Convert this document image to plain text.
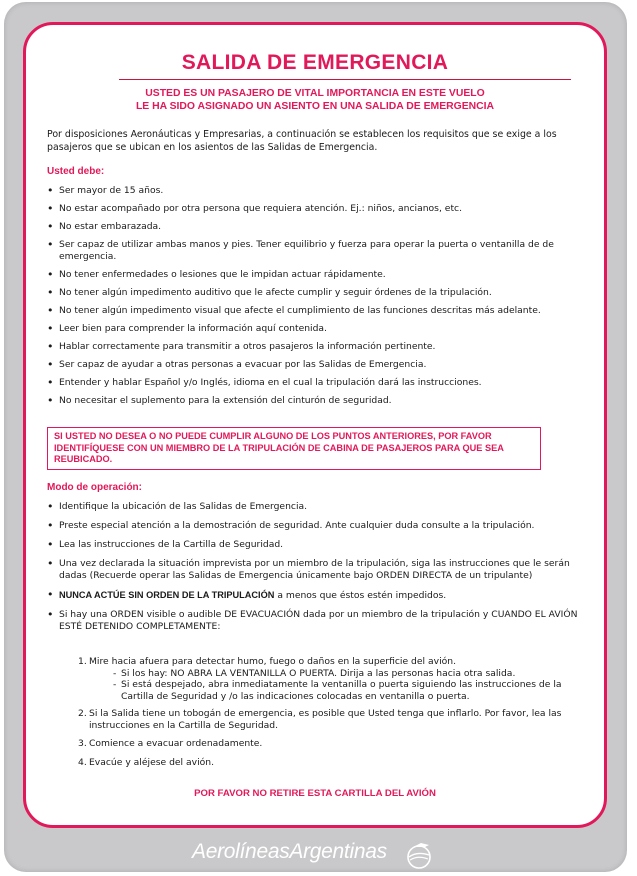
SALIDA DE EMERGENCIA
USTED ES UN PASAJERO DE VITAL IMPORTANCIA EN ESTE VUELO
LE HA SIDO ASIGNADO UN ASIENTO EN UNA SALIDA DE EMERGENCIA
Por disposiciones Aeronáuticas y Empresarias, a continuación se establecen los requisitos que se exige a los pasajeros que se ubican en los asientos de las Salidas de Emergencia.
Usted debe:
• Ser mayor de 15 años.
• No estar acompañado por otra persona que requiera atención. Ej.: niños, ancianos, etc.
• No estar embarazada.
• Ser capaz de utilizar ambas manos y pies. Tener equilibrio y fuerza para operar la puerta o ventanilla de de emergencia.
• No tener enfermedades o lesiones que le impidan actuar rápidamente.
• No tener algún impedimento auditivo que le afecte cumplir y seguir órdenes de la tripulación.
• No tener algún impedimento visual que afecte el cumplimiento de las funciones descritas más adelante.
• Leer bien para comprender la información aquí contenida.
• Hablar correctamente para transmitir a otros pasajeros la información pertinente.
• Ser capaz de ayudar a otras personas a evacuar por las Salidas de Emergencia.
• Entender y hablar Español y/o Inglés, idioma en el cual la tripulación dará las instrucciones.
• No necesitar el suplemento para la extensión del cinturón de seguridad.
SI USTED NO DESEA O NO PUEDE CUMPLIR ALGUNO DE LOS PUNTOS ANTERIORES, POR FAVOR IDENTIFÍQUESE CON UN MIEMBRO DE LA TRIPULACIÓN DE CABINA DE PASAJEROS PARA QUE SEA REUBICADO.
Modo de operación:
• Identifique la ubicación de las Salidas de Emergencia.
• Preste especial atención a la demostración de seguridad. Ante cualquier duda consulte a la tripulación.
• Lea las instrucciones de la Cartilla de Seguridad.
• Una vez declarada la situación imprevista por un miembro de la tripulación, siga las instrucciones que le serán dadas (Recuerde operar las Salidas de Emergencia únicamente bajo ORDEN DIRECTA de un tripulante)
• NUNCA ACTÚE SIN ORDEN DE LA TRIPULACIÓN a menos que éstos estén impedidos.
• Si hay una ORDEN visible o audible DE EVACUACIÓN dada por un miembro de la tripulación y CUANDO EL AVIÓN ESTÉ DETENIDO COMPLETAMENTE:
1. Mire hacia afuera para detectar humo, fuego o daños en la superficie del avión.
- Si los hay: NO ABRA LA VENTANILLA O PUERTA. Dirija a las personas hacia otra salida.
- Si está despejado, abra inmediatamente la ventanilla o puerta siguiendo las instrucciones de la Cartilla de Seguridad y /o las indicaciones colocadas en ventanilla o puerta.
2. Si la Salida tiene un tobogán de emergencia, es posible que Usted tenga que inflarlo. Por favor, lea las instrucciones en la Cartilla de Seguridad.
3. Comience a evacuar ordenadamente.
4. Evacúe y aléjese del avión.
POR FAVOR NO RETIRE ESTA CARTILLA DEL AVIÓN
AerolíneasArgentinas
